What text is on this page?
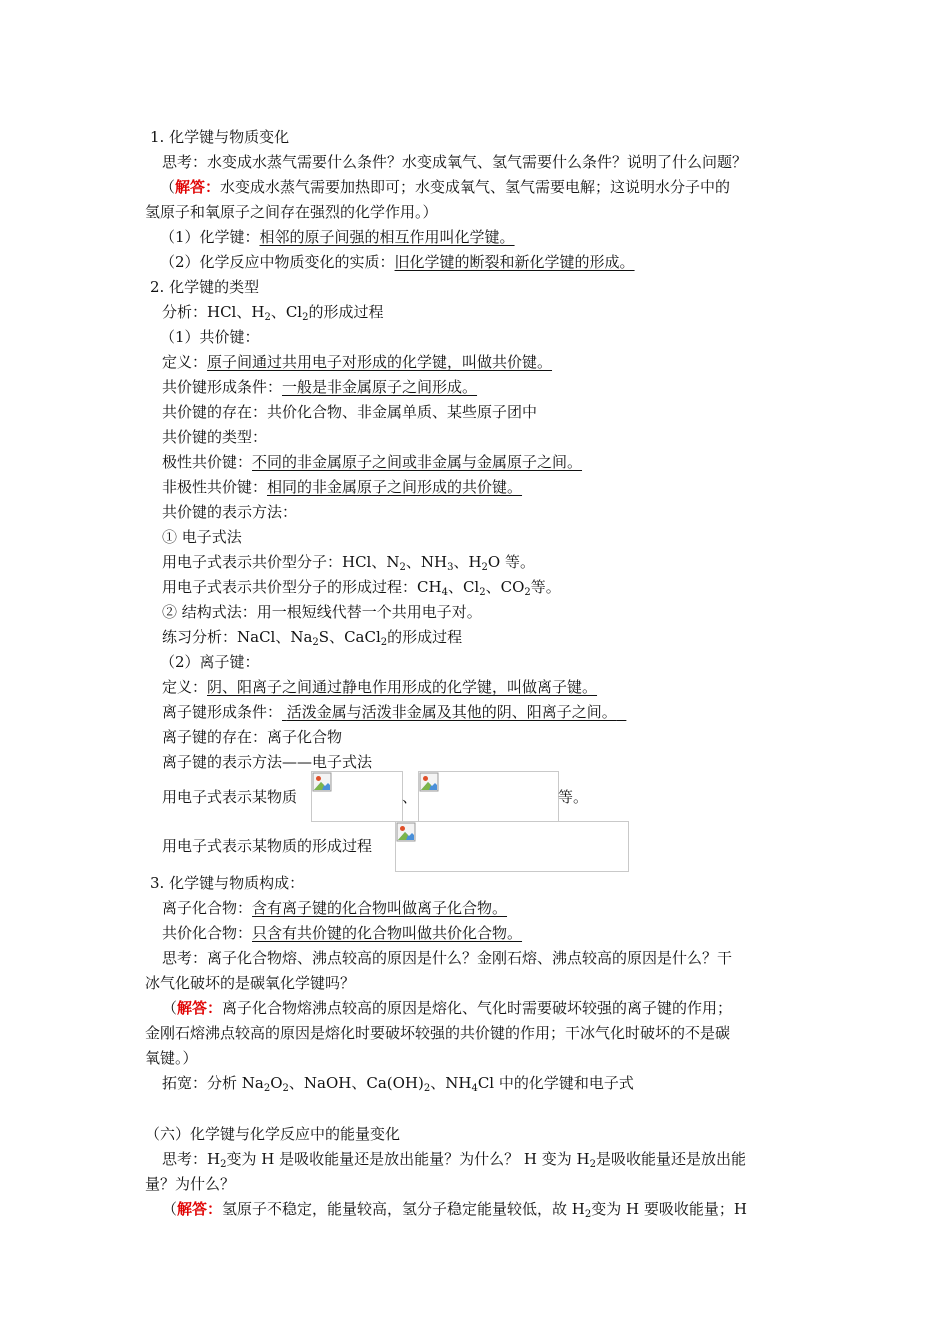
1. 化学键与物质变化
思考：水变成水蒸气需要什么条件？水变成氧气、氢气需要什么条件？说明了什么问题？
（解答：水变成水蒸气需要加热即可；水变成氧气、氢气需要电解；这说明水分子中的
氢原子和氧原子之间存在强烈的化学作用。）
（1）化学键：相邻的原子间强的相互作用叫化学键。
（2）化学反应中物质变化的实质：旧化学键的断裂和新化学键的形成。
2. 化学键的类型
分析：HCl、$H_2$、$Cl_2$的形成过程
（1）共价键：
定义：原子间通过共用电子对形成的化学键，叫做共价键。
共价键形成条件：一般是非金属原子之间形成。
共价键的存在：共价化合物、非金属单质、某些原子团中
共价键的类型：
极性共价键：不同的非金属原子之间或非金属与金属原子之间。
非极性共价键：相同的非金属原子之间形成的共价键。
共价键的表示方法：
① 电子式法
用电子式表示共价型分子：HCl、$N_2$、$NH_3$、$H_2O$ 等。
用电子式表示共价型分子的形成过程：$CH_4$、$Cl_2$、$CO_2$等。
② 结构式法：用一根短线代替一个共用电子对。
练习分析：NaCl、$Na_2S$、CaCl$_2$的形成过程
（2）离子键：
定义：阴、阳离子之间通过静电作用形成的化学键，叫做离子键。
离子键形成条件： 活泼金属与活泼非金属及其他的阴、阳离子之间。
离子键的存在：离子化合物
离子键的表示方法——电子式法
用电子式表示某物质	、	等。
用电子式表示某物质的形成过程
3. 化学键与物质构成：
离子化合物：含有离子键的化合物叫做离子化合物。
共价化合物：只含有共价键的化合物叫做共价化合物。
思考：离子化合物熔、沸点较高的原因是什么？金刚石熔、沸点较高的原因是什么？干
冰气化破坏的是碳氧化学键吗？
（解答：离子化合物熔沸点较高的原因是熔化、气化时需要破坏较强的离子键的作用；
金刚石熔沸点较高的原因是熔化时要破坏较强的共价键的作用；干冰气化时破坏的不是碳
氧键。）
拓宽：分析 $Na_2O_2$、NaOH、$Ca(OH)_2$、$NH_4Cl$ 中的化学键和电子式
（六）化学键与化学反应中的能量变化
思考：$H_2$变为 H 是吸收能量还是放出能量？为什么？ H 变为 $H_2$是吸收能量还是放出能
量？为什么？
（解答：氢原子不稳定，能量较高，氢分子稳定能量较低，故 $H_2$变为 H 要吸收能量；H
